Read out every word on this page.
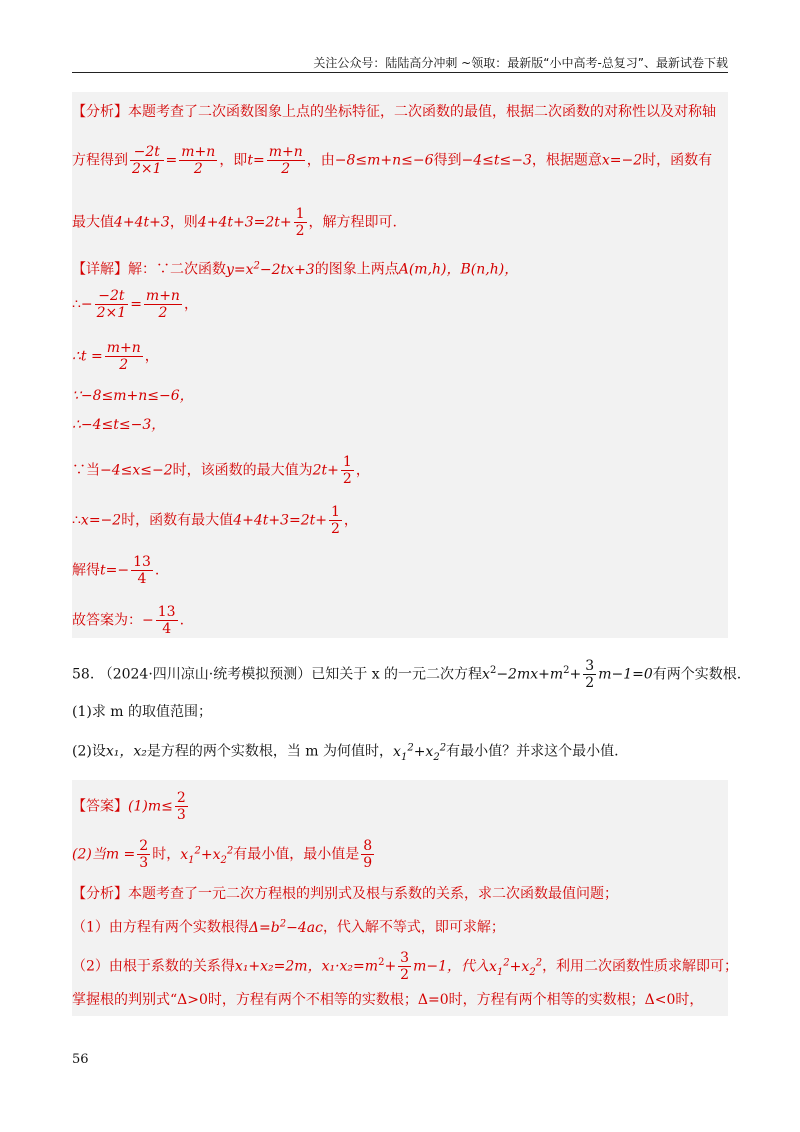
关注公众号：陆陆高分冲刺 ~领取：最新版“小中高考-总复习”、最新试卷下载
【分析】本题考查了二次函数图象上点的坐标特征，二次函数的最值，根据二次函数的对称性以及对称轴
方程得到 $\frac{-2t}{2\times 1} = \frac{m+n}{2}$ ，即$t= \frac{m+n}{2}$ ，由−8≤m+n≤−6得到−4≤t≤−3，根据题意x=−2时，函数有
最大值4+4t+3，则$4+4t+3=2t+ \frac{1}{2}$ ，解方程即可.
【详解】解：∵二次函数$y=x^2-2tx+3$的图象上两点A(m,h)，B(n,h)，
∴− $\frac{-2t}{2\times 1} = \frac{m+n}{2}$ ，
∴t = $\frac{m+n}{2}$ ，
∵−8≤m+n≤−6，
∴−4≤t≤−3，
∵当−4≤x≤−2时，该函数的最大值为$2t+ \frac{1}{2}$ ，
∴x=−2时，函数有最大值$4+4t+3=2t+ \frac{1}{2}$ ，
解得$t=- \frac{13}{4}$ .
故答案为：− $\frac{13}{4}$ .
58. （2024·四川凉山·统考模拟预测）已知关于 x 的一元二次方程$x^2-2mx+m^2+ \frac{3}{2} m-1=0$有两个实数根.
(1)求 m 的取值范围；
(2)设x₁，x₂是方程的两个实数根，当 m 为何值时，$x_1^2+x_2^2$有最小值？并求这个最小值.
【答案】$(1)m\le \frac{2}{3}$
(2)当$m = \frac{2}{3}$ 时，$x_1^2+x_2^2$有最小值，最小值是 $\frac{8}{9}$
【分析】本题考查了一元二次方程根的判别式及根与系数的关系，求二次函数最值问题；
（1）由方程有两个实数根得$\Delta=b^2-4ac$，代入解不等式，即可求解；
（2）由根于系数的关系得x₁+x₂=2m，$x_1\cdot x_2=m^2+ \frac{3}{2} m-1$，代入$x_1^2+x_2^2$，利用二次函数性质求解即可；
掌握根的判别式“Δ>0时，方程有两个不相等的实数根；Δ=0时，方程有两个相等的实数根；Δ<0时，
56
